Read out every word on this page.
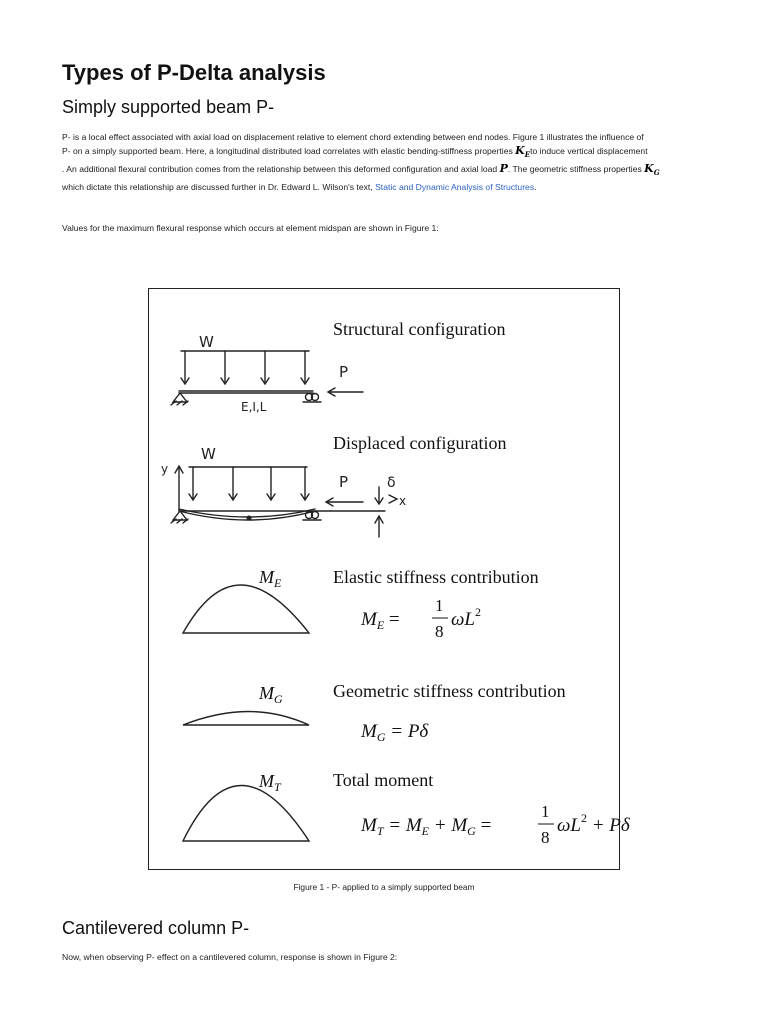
Types of P-Delta analysis
Simply supported beam P-
P- is a local effect associated with axial load on displacement relative to element chord extending between end nodes. Figure 1 illustrates the influence of
P- on a simply supported beam. Here, a longitudinal distributed load correlates with elastic bending-stiffness properties $K_Eto$ induce vertical displacement
. An additional flexural contribution comes from the relationship between this deformed configuration and axial load P. The geometric stiffness properties $K_G$
which dictate this relationship are discussed further in Dr. Edward L. Wilson's text, Static and Dynamic Analysis of Structures.
Values for the maximum flexural response which occurs at element midspan are shown in Figure 1:
W
P
E,I,L
W
y
P	δ
x
Structural configuration
Displaced configuration
$M_E$	Elastic stiffness contribution
$M_E$ =
1
8
$\omega L^2$
$M_G$	Geometric stiffness contribution
$M_G = P\delta$
$M_T$	Total moment
$M_T = M_E + M_G$ =
1
8
$\omega L^2 + P\delta$
Figure 1 - P- applied to a simply supported beam
Cantilevered column P-
Now, when observing P- effect on a cantilevered column, response is shown in Figure 2:
